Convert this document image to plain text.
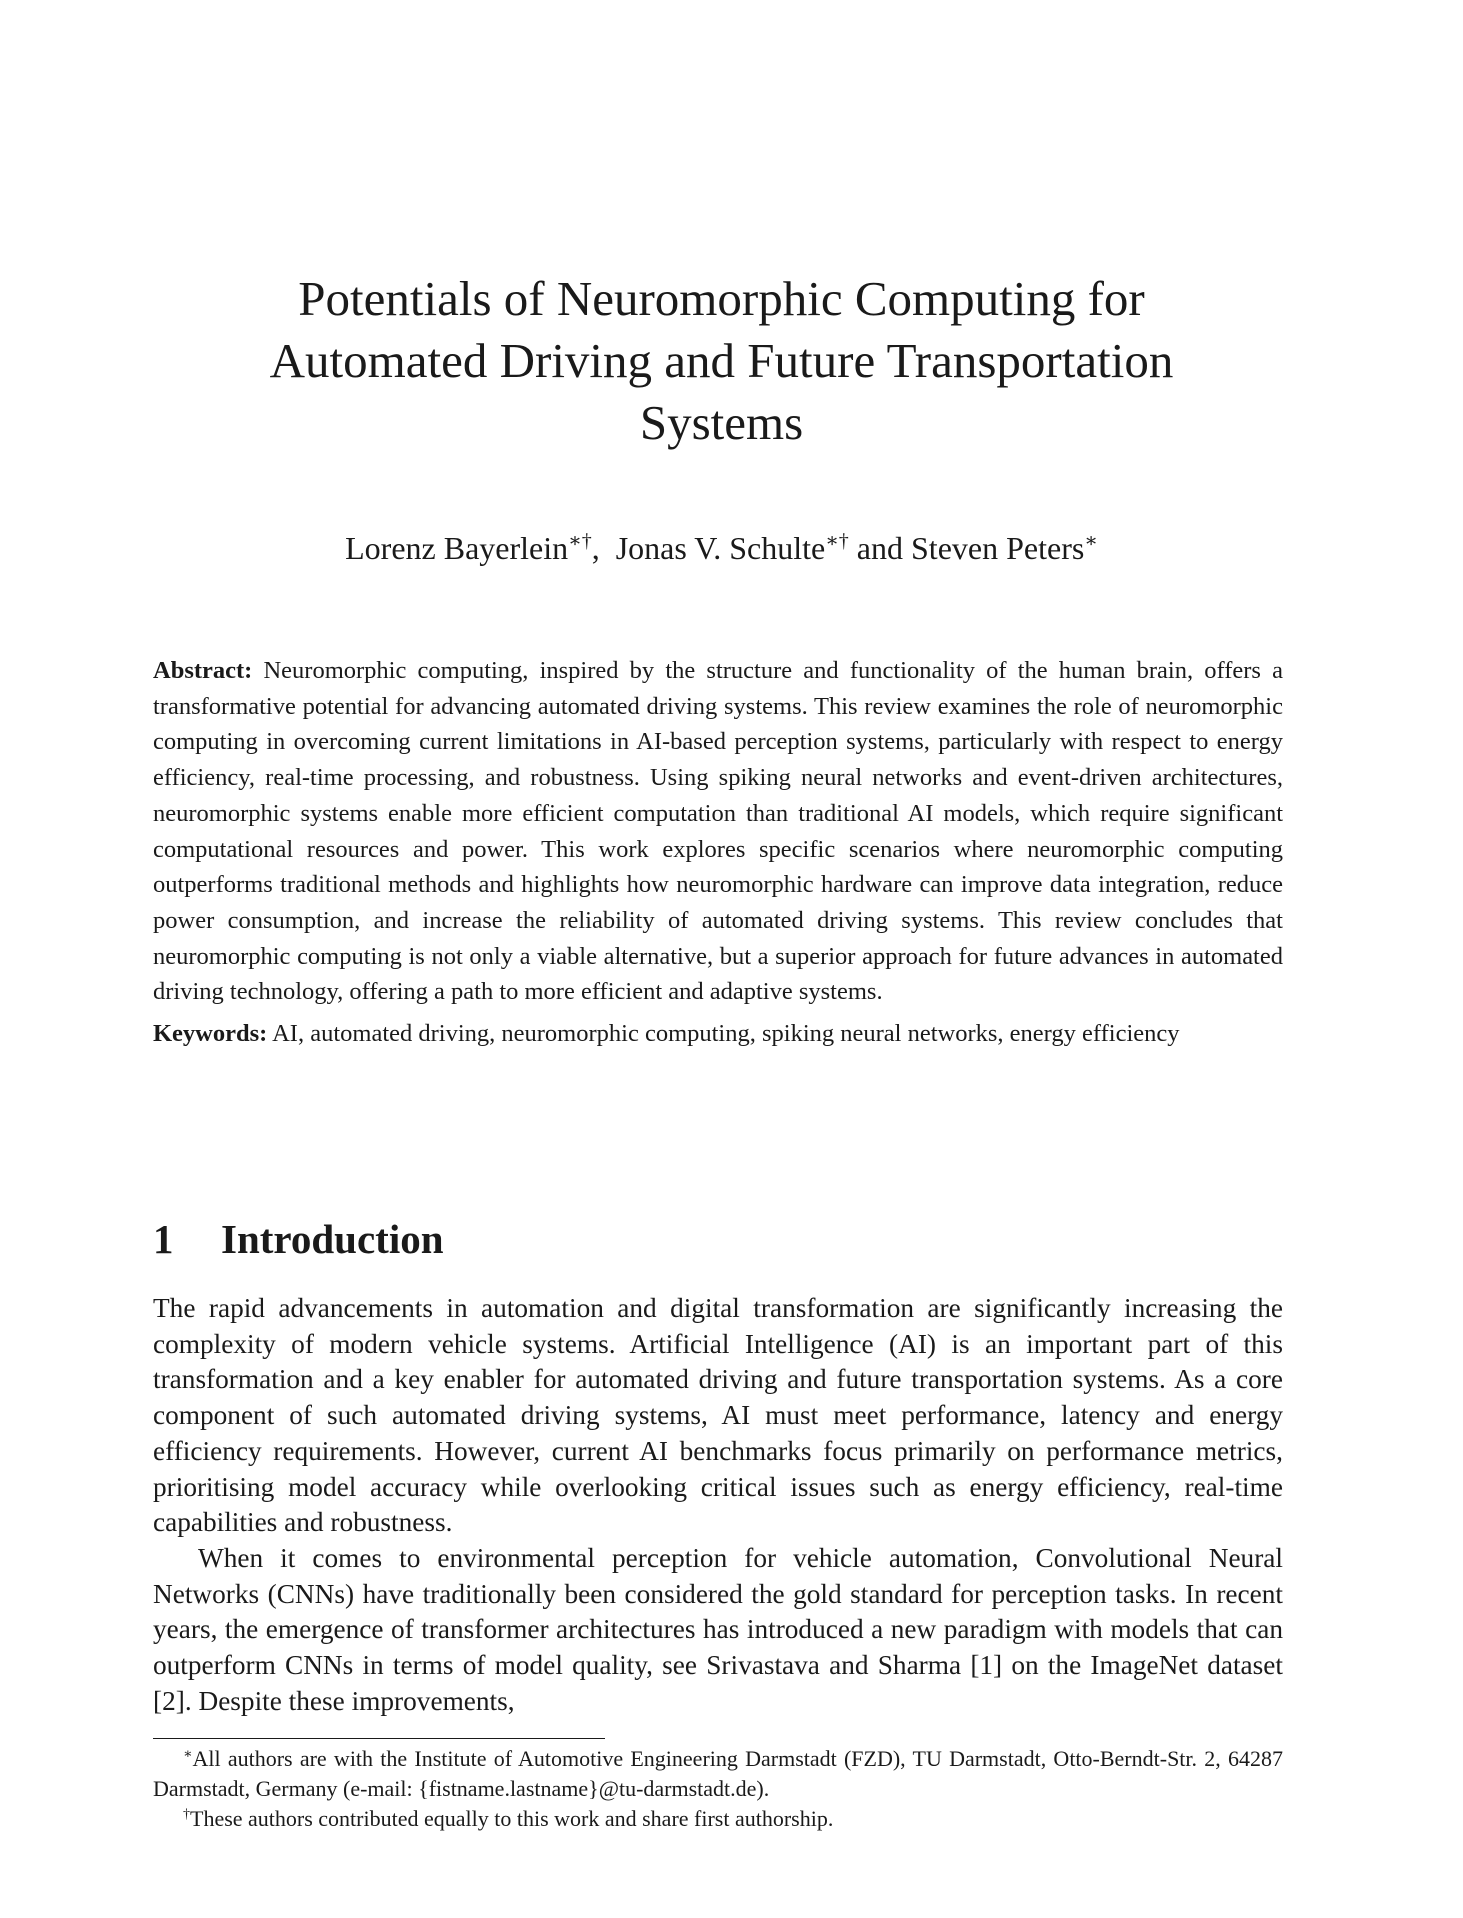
Potentials of Neuromorphic Computing for
Automated Driving and Future Transportation
Systems
Lorenz Bayerlein∗†,  Jonas V. Schulte∗† and Steven Peters∗

Abstract: Neuromorphic computing, inspired by the structure and functionality of the human brain, offers a transformative potential for advancing automated driving systems. This review examines the role of neuromorphic computing in overcoming current limitations in AI-based perception systems, particularly with respect to energy efficiency, real-time processing, and robustness. Using spiking neural networks and event-driven architectures, neuromorphic systems enable more efficient computation than traditional AI models, which require significant computational resources and power. This work explores specific scenarios where neuromorphic computing outperforms traditional methods and highlights how neuromorphic hardware can improve data integration, reduce power consumption, and increase the reliability of automated driving systems. This review concludes that neuromorphic computing is not only a viable alternative, but a superior approach for future advances in automated driving technology, offering a path to more efficient and adaptive systems.

Keywords: AI, automated driving, neuromorphic computing, spiking neural networks, energy efficiency

1 Introduction

The rapid advancements in automation and digital transformation are significantly increasing the complexity of modern vehicle systems. Artificial Intelligence (AI) is an important part of this transformation and a key enabler for automated driving and future transportation systems. As a core component of such automated driving systems, AI must meet performance, latency and energy efficiency requirements. However, current AI benchmarks focus primarily on performance metrics, prioritising model accuracy while overlooking critical issues such as energy efficiency, real-time capabilities and robustness.

When it comes to environmental perception for vehicle automation, Convolutional Neural Networks (CNNs) have traditionally been considered the gold standard for perception tasks. In recent years, the emergence of transformer architectures has introduced a new paradigm with models that can outperform CNNs in terms of model quality, see Srivastava and Sharma [1] on the ImageNet dataset [2]. Despite these improvements,

∗All authors are with the Institute of Automotive Engineering Darmstadt (FZD), TU Darmstadt, Otto-Berndt-Str. 2, 64287 Darmstadt, Germany (e-mail: {fistname.lastname}@tu-darmstadt.de).

†These authors contributed equally to this work and share first authorship.
